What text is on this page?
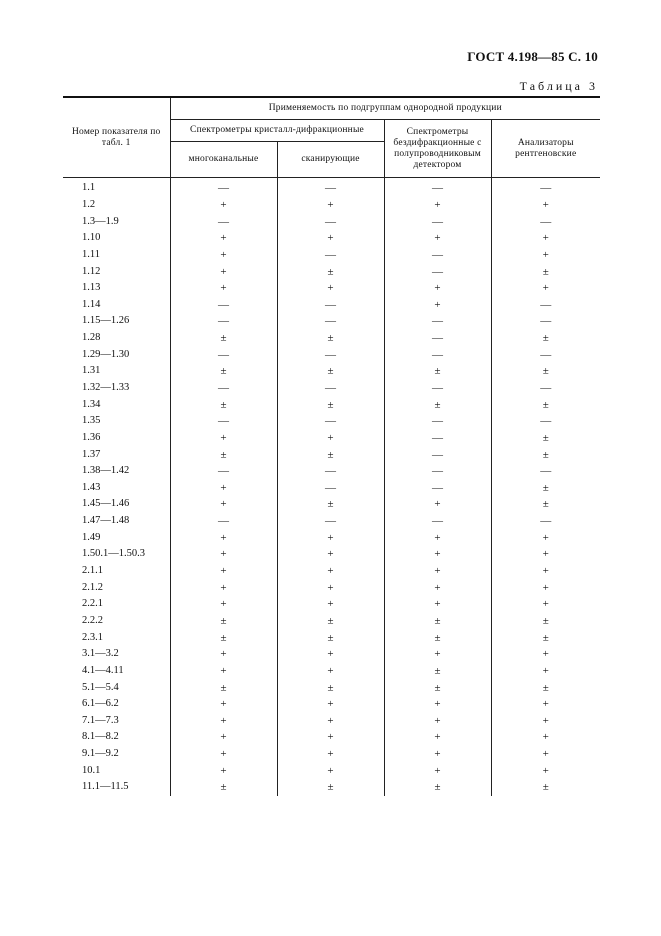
ГОСТ 4.198—85 С. 10
Таблица 3
Номер показателя по табл. 1	Применяемость по подгруппам однородной продукции			
	Спектрометры кристалл-дифракционные		Спектрометры бездифракционные с полупроводниковым детектором	Анализаторы рентгеновские
	многоканальные	сканирующие		
1.1	—	—	—	—
1.2	+	+	+	+
1.3—1.9	—	—	—	—
1.10	+	+	+	+
1.11	+	—	—	+
1.12	+	±	—	±
1.13	+	+	+	+
1.14	—	—	+	—
1.15—1.26	—	—	—	—
1.28	±	±	—	±
1.29—1.30	—	—	—	—
1.31	±	±	±	±
1.32—1.33	—	—	—	—
1.34	±	±	±	±
1.35	—	—	—	—
1.36	+	+	—	±
1.37	±	±	—	±
1.38—1.42	—	—	—	—
1.43	+	—	—	±
1.45—1.46	+	±	+	±
1.47—1.48	—	—	—	—
1.49	+	+	+	+
1.50.1—1.50.3	+	+	+	+
2.1.1	+	+	+	+
2.1.2	+	+	+	+
2.2.1	+	+	+	+
2.2.2	±	±	±	±
2.3.1	±	±	±	±
3.1—3.2	+	+	+	+
4.1—4.11	+	+	±	+
5.1—5.4	±	±	±	±
6.1—6.2	+	+	+	+
7.1—7.3	+	+	+	+
8.1—8.2	+	+	+	+
9.1—9.2	+	+	+	+
10.1	+	+	+	+
11.1—11.5	±	±	±	±
